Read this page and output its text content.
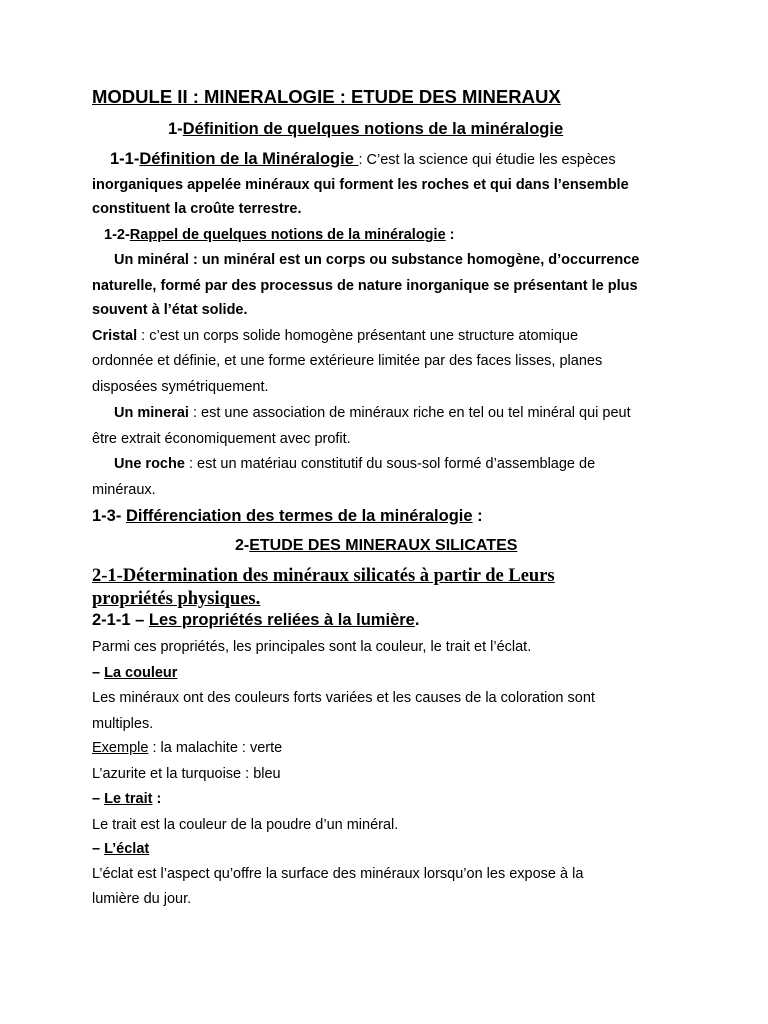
MODULE II : MINERALOGIE : ETUDE DES MINERAUX
1-Définition de quelques notions de la minéralogie
1-1-Définition de la Minéralogie : C’est la science qui étudie les espèces
inorganiques appelée minéraux qui forment les roches et qui dans l’ensemble
constituent la croûte terrestre.
1-2-Rappel de quelques notions de la minéralogie :
Un minéral : un minéral est un corps ou substance homogène, d’occurrence
naturelle, formé par des processus de nature inorganique se présentant le plus
souvent à l’état solide.
Cristal : c’est un corps solide homogène présentant une structure atomique
ordonnée et définie, et une forme extérieure limitée par des faces lisses, planes
disposées symétriquement.
Un minerai : est une association de minéraux riche en tel ou tel minéral qui peut
être extrait économiquement avec profit.
Une roche : est un matériau constitutif du sous-sol formé d’assemblage de
minéraux.
1-3- Différenciation des termes de la minéralogie :
2-ETUDE DES MINERAUX SILICATES
2-1-Détermination des minéraux silicatés à partir de Leurs
propriétés physiques.
2-1-1 – Les propriétés reliées à la lumière.
Parmi ces propriétés, les principales sont la couleur, le trait et l’éclat.
– La couleur
Les minéraux ont des couleurs forts variées et les causes de la coloration sont
multiples.
Exemple : la malachite : verte
L’azurite et la turquoise : bleu
– Le trait :
Le trait est la couleur de la poudre d’un minéral.
– L’éclat
L’éclat est l’aspect qu’offre la surface des minéraux lorsqu’on les expose à la
lumière du jour.
